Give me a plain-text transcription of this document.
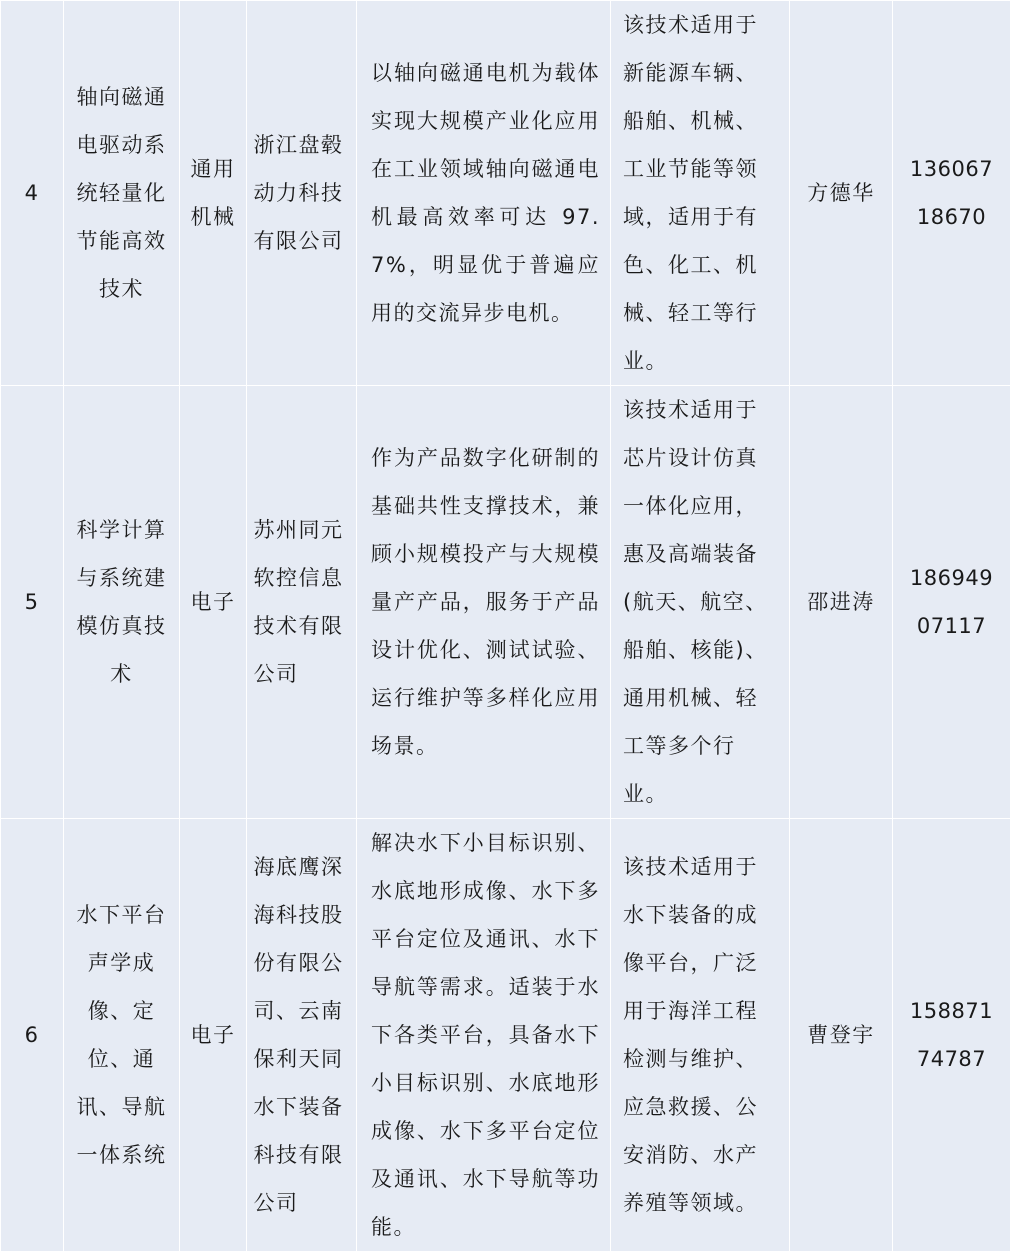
4	轴向磁通电驱动系统轻量化节能高效技术	通用机械	浙江盘毂动力科技有限公司	以轴向磁通电机为载体实现大规模产业化应用在工业领域轴向磁通电机最高效率可达 97.7%，明显优于普遍应用的交流异步电机。	该技术适用于新能源车辆、船舶、机械、工业节能等领域，适用于有色、化工、机械、轻工等行业。	方德华	13606718670
5	科学计算与系统建模仿真技术	电子	苏州同元软控信息技术有限公司	作为产品数字化研制的基础共性支撑技术，兼顾小规模投产与大规模量产产品，服务于产品设计优化、测试试验、运行维护等多样化应用场景。	该技术适用于芯片设计仿真一体化应用，惠及高端装备(航天、航空、船舶、核能)、通用机械、轻工等多个行业。	邵进涛	18694907117
6	水下平台声学成像、定位、通讯、导航一体系统	电子	海底鹰深海科技股份有限公司、云南保利天同水下装备科技有限公司	解决水下小目标识别、水底地形成像、水下多平台定位及通讯、水下导航等需求。适装于水下各类平台，具备水下小目标识别、水底地形成像、水下多平台定位及通讯、水下导航等功能。	该技术适用于水下装备的成像平台，广泛用于海洋工程检测与维护、应急救援、公安消防、水产养殖等领域。	曹登宇	15887174787
